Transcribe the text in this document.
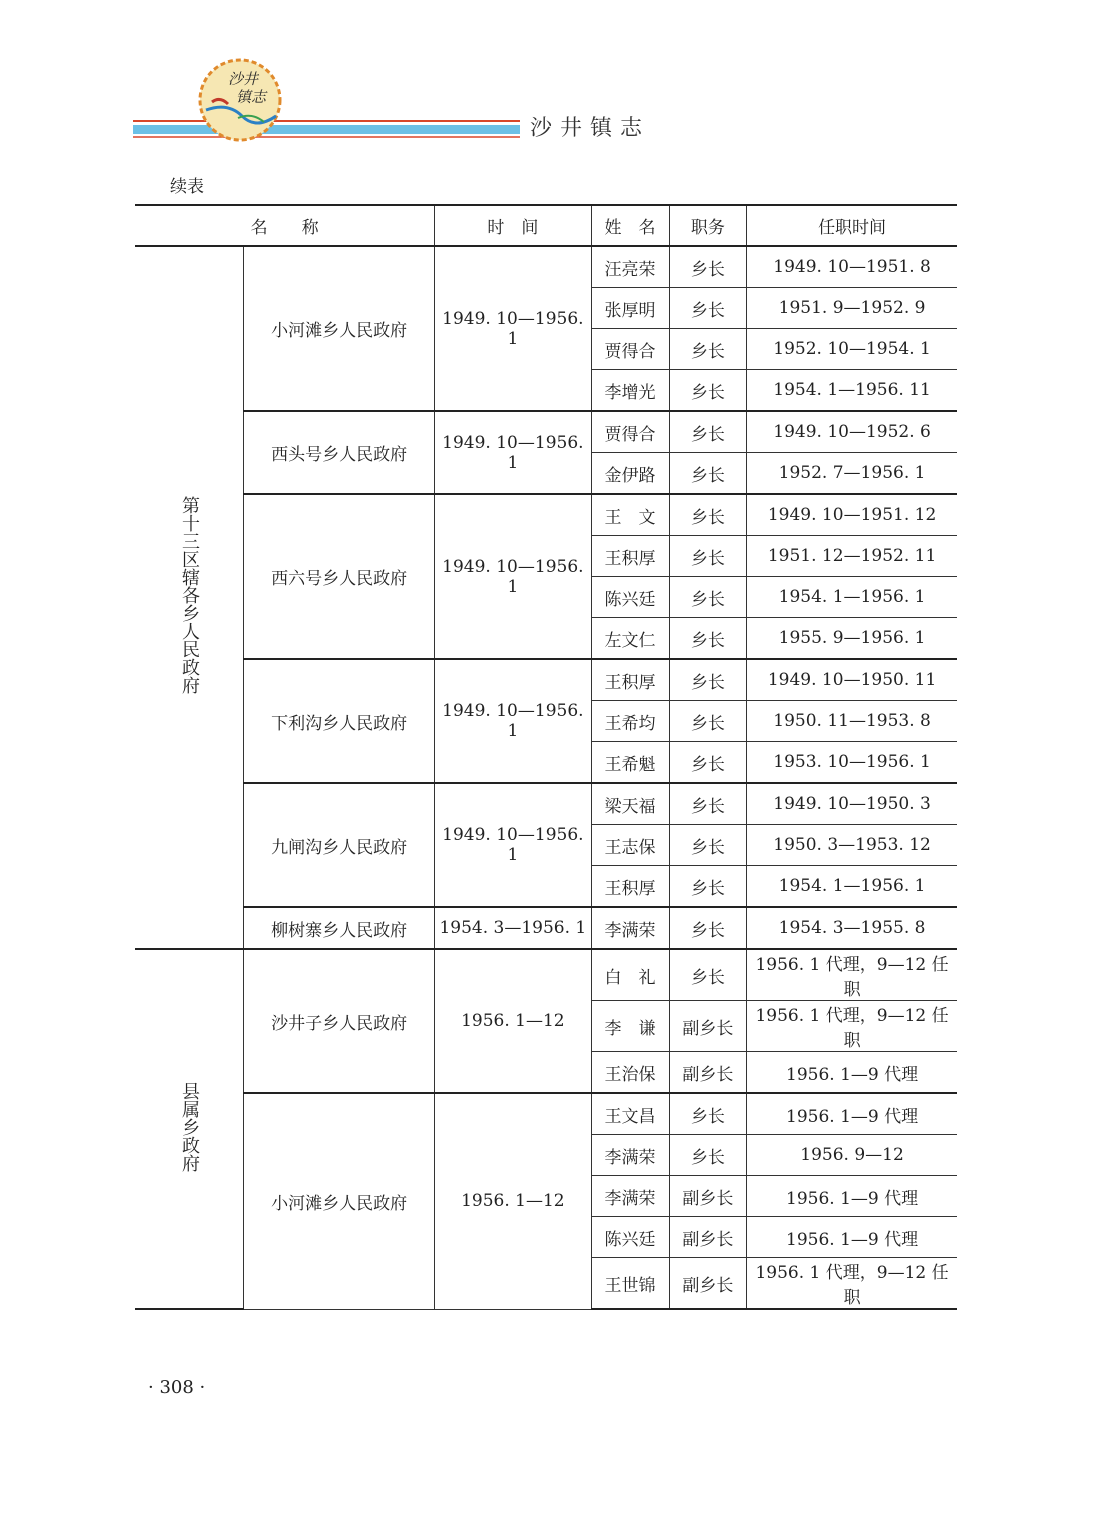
沙井
镇志
沙井镇志
续表
名　　称		时　间	姓　名	职务	任职时间
第十三区辖各乡人民政府	小河滩乡人民政府	1949. 10—1956. 1	汪亮荣	乡长	1949. 10—1951. 8
			张厚明	乡长	1951. 9—1952. 9
			贾得合	乡长	1952. 10—1954. 1
			李增光	乡长	1954. 1—1956. 11
	西头号乡人民政府	1949. 10—1956. 1	贾得合	乡长	1949. 10—1952. 6
			金伊路	乡长	1952. 7—1956. 1
	西六号乡人民政府	1949. 10—1956. 1	王　文	乡长	1949. 10—1951. 12
			王积厚	乡长	1951. 12—1952. 11
			陈兴廷	乡长	1954. 1—1956. 1
			左文仁	乡长	1955. 9—1956. 1
	下利沟乡人民政府	1949. 10—1956. 1	王积厚	乡长	1949. 10—1950. 11
			王希均	乡长	1950. 11—1953. 8
			王希魁	乡长	1953. 10—1956. 1
	九闸沟乡人民政府	1949. 10—1956. 1	梁天福	乡长	1949. 10—1950. 3
			王志保	乡长	1950. 3—1953. 12
			王积厚	乡长	1954. 1—1956. 1
	柳树寨乡人民政府	1954. 3—1956. 1	李满荣	乡长	1954. 3—1955. 8
县属乡政府	沙井子乡人民政府	1956. 1—12	白　礼	乡长	1956. 1 代理，9—12 任职
			李　谦	副乡长	1956. 1 代理，9—12 任职
			王治保	副乡长	1956. 1—9 代理
	小河滩乡人民政府	1956. 1—12	王文昌	乡长	1956. 1—9 代理
			李满荣	乡长	1956. 9—12
			李满荣	副乡长	1956. 1—9 代理
			陈兴廷	副乡长	1956. 1—9 代理
			王世锦	副乡长	1956. 1 代理，9—12 任职
· 308 ·
